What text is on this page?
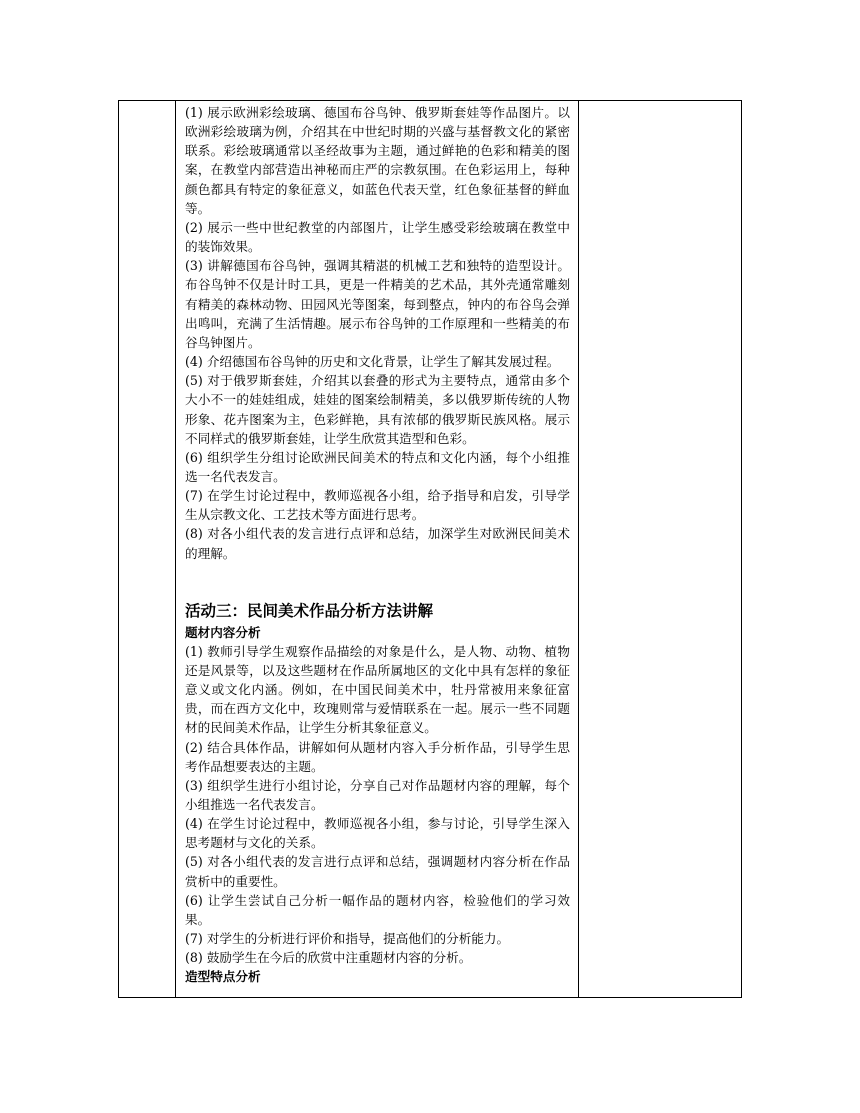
(1) 展示欧洲彩绘玻璃、德国布谷鸟钟、俄罗斯套娃等作品图片。以欧洲彩绘玻璃为例，介绍其在中世纪时期的兴盛与基督教文化的紧密联系。彩绘玻璃通常以圣经故事为主题，通过鲜艳的色彩和精美的图案，在教堂内部营造出神秘而庄严的宗教氛围。在色彩运用上，每种颜色都具有特定的象征意义，如蓝色代表天堂，红色象征基督的鲜血等。

(2) 展示一些中世纪教堂的内部图片，让学生感受彩绘玻璃在教堂中的装饰效果。

(3) 讲解德国布谷鸟钟，强调其精湛的机械工艺和独特的造型设计。布谷鸟钟不仅是计时工具，更是一件精美的艺术品，其外壳通常雕刻有精美的森林动物、田园风光等图案，每到整点，钟内的布谷鸟会弹出鸣叫，充满了生活情趣。展示布谷鸟钟的工作原理和一些精美的布谷鸟钟图片。

(4) 介绍德国布谷鸟钟的历史和文化背景，让学生了解其发展过程。

(5) 对于俄罗斯套娃，介绍其以套叠的形式为主要特点，通常由多个大小不一的娃娃组成，娃娃的图案绘制精美，多以俄罗斯传统的人物形象、花卉图案为主，色彩鲜艳，具有浓郁的俄罗斯民族风格。展示不同样式的俄罗斯套娃，让学生欣赏其造型和色彩。

(6) 组织学生分组讨论欧洲民间美术的特点和文化内涵，每个小组推选一名代表发言。

(7) 在学生讨论过程中，教师巡视各小组，给予指导和启发，引导学生从宗教文化、工艺技术等方面进行思考。

(8) 对各小组代表的发言进行点评和总结，加深学生对欧洲民间美术的理解。

活动三：民间美术作品分析方法讲解
题材内容分析

(1) 教师引导学生观察作品描绘的对象是什么，是人物、动物、植物还是风景等，以及这些题材在作品所属地区的文化中具有怎样的象征意义或文化内涵。例如，在中国民间美术中，牡丹常被用来象征富贵，而在西方文化中，玫瑰则常与爱情联系在一起。展示一些不同题材的民间美术作品，让学生分析其象征意义。

(2) 结合具体作品，讲解如何从题材内容入手分析作品，引导学生思考作品想要表达的主题。

(3) 组织学生进行小组讨论，分享自己对作品题材内容的理解，每个小组推选一名代表发言。

(4) 在学生讨论过程中，教师巡视各小组，参与讨论，引导学生深入思考题材与文化的关系。

(5) 对各小组代表的发言进行点评和总结，强调题材内容分析在作品赏析中的重要性。

(6) 让学生尝试自己分析一幅作品的题材内容，检验他们的学习效果。

(7) 对学生的分析进行评价和指导，提高他们的分析能力。

(8) 鼓励学生在今后的欣赏中注重题材内容的分析。

造型特点分析
